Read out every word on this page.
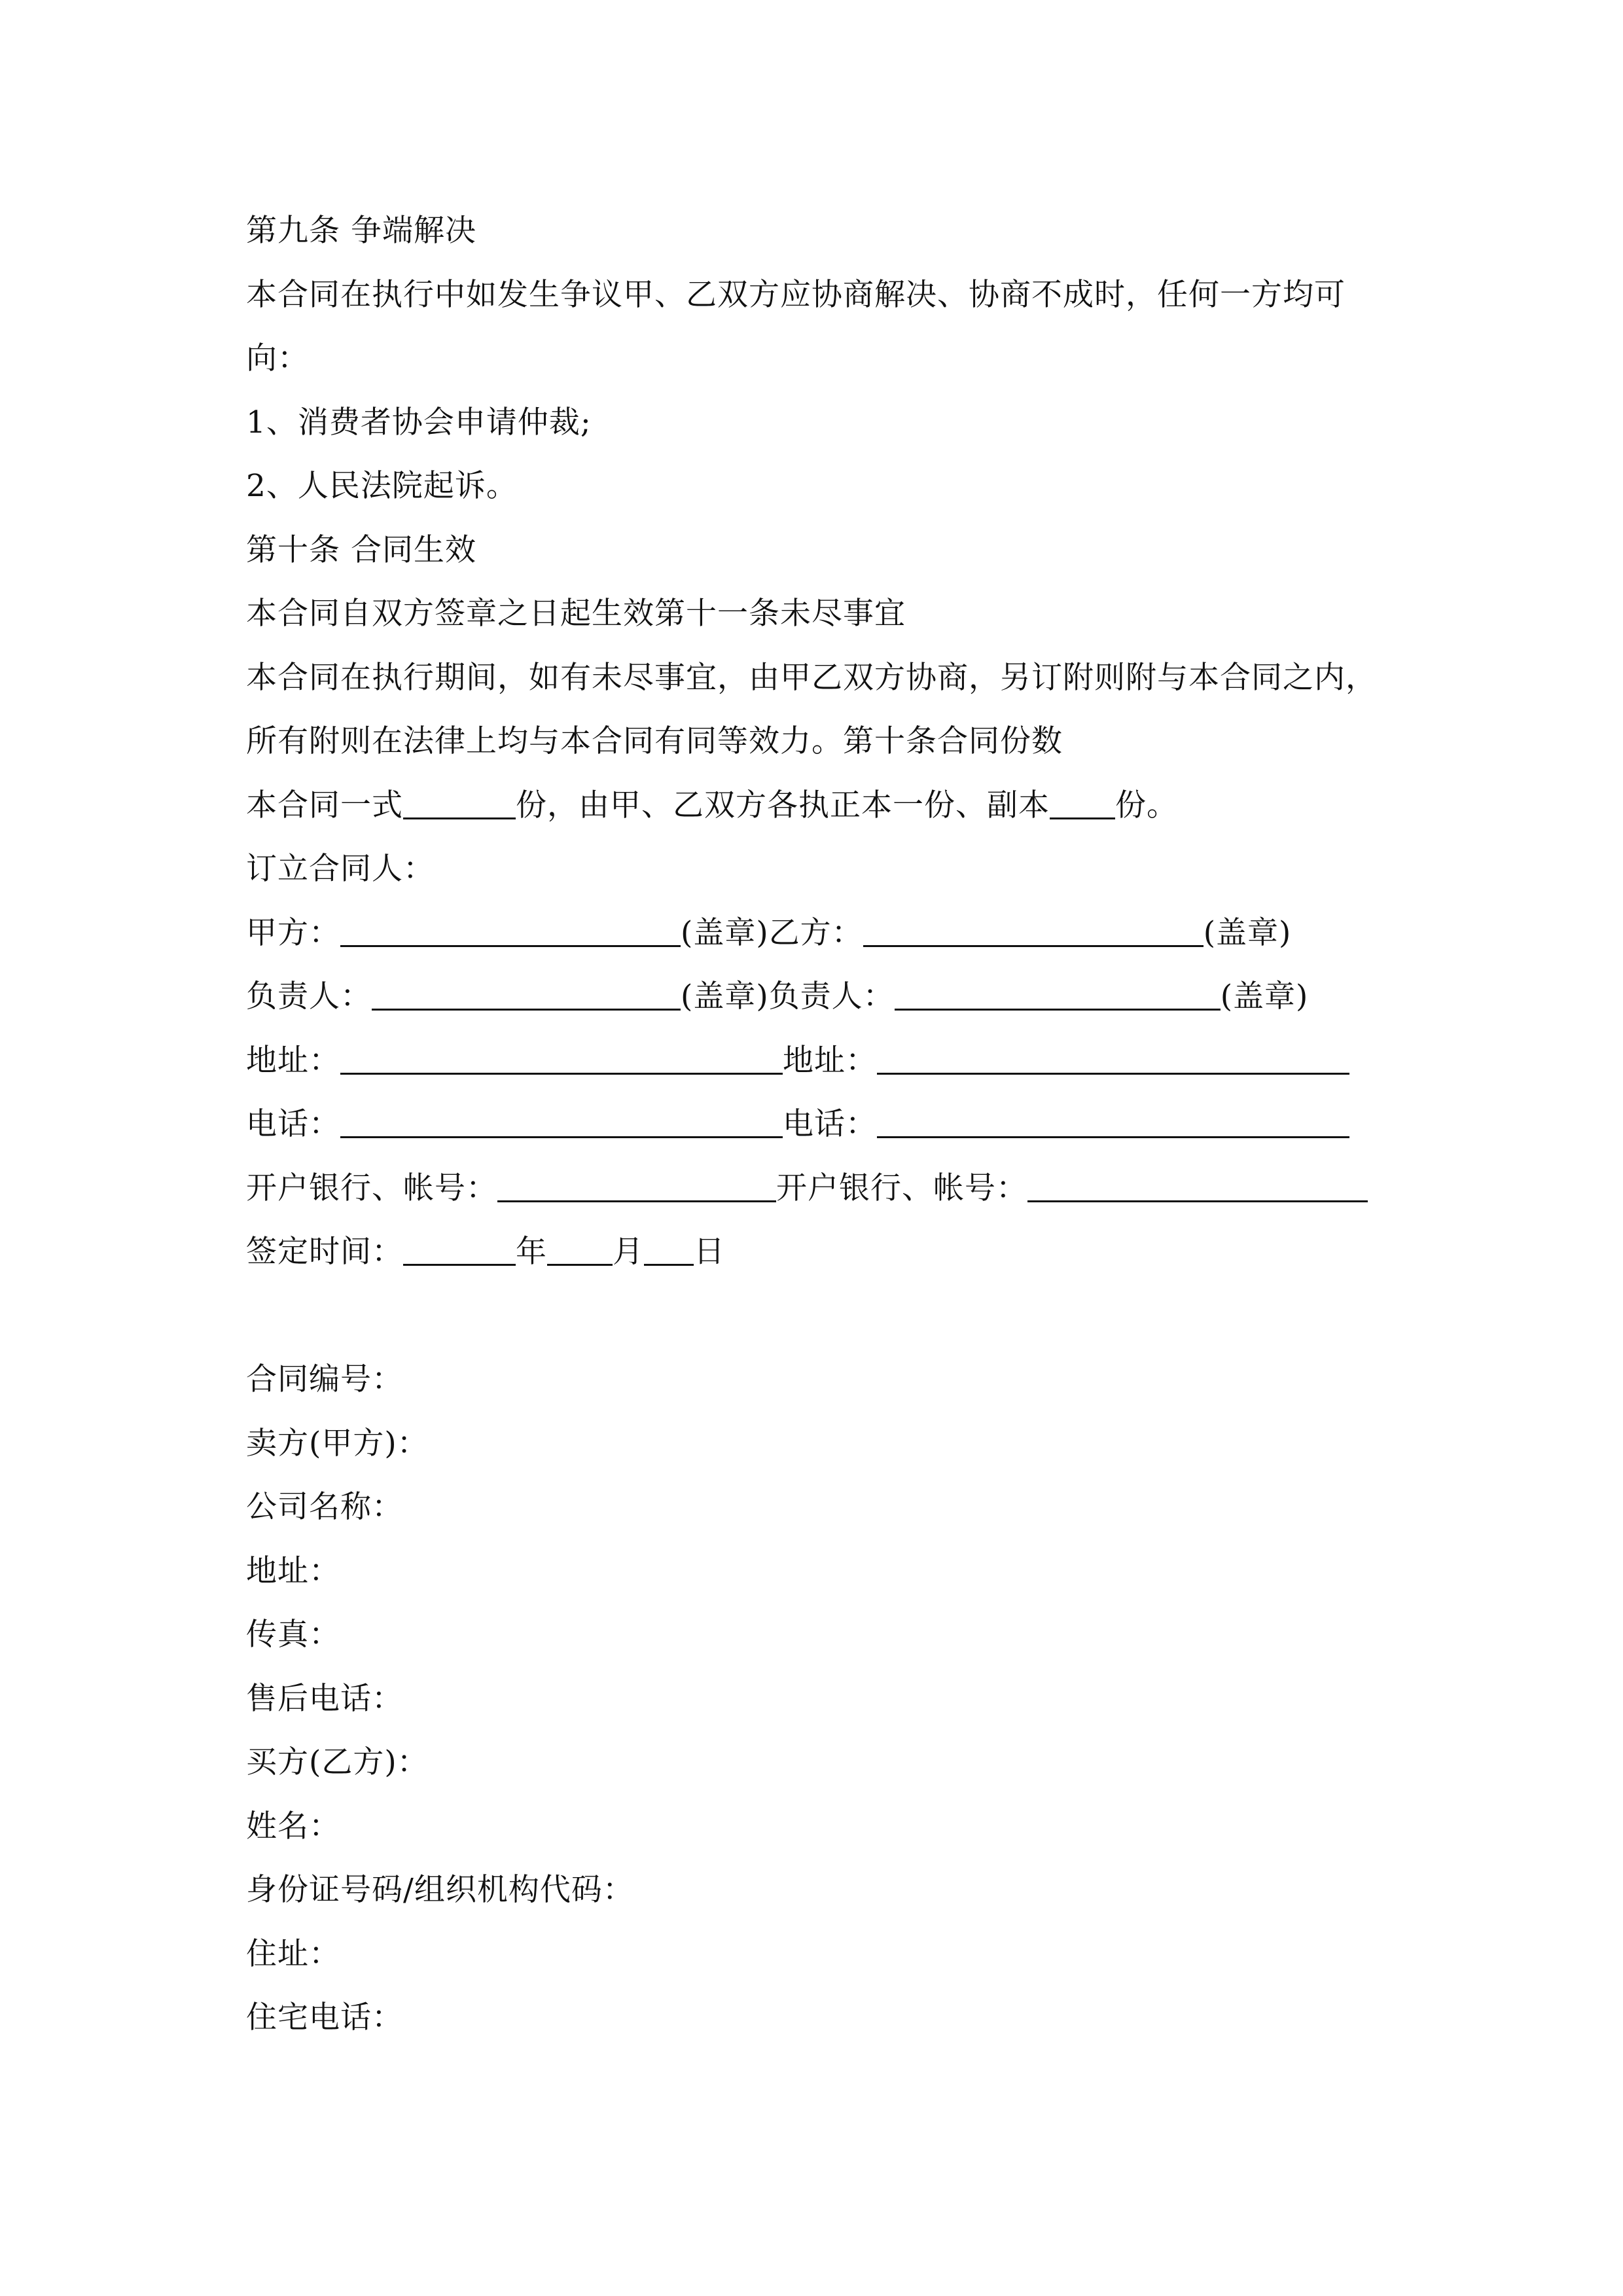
第九条 争端解决
本合同在执行中如发生争议甲、乙双方应协商解决、协商不成时，任何一方均可
向：
1、消费者协会申请仲裁;
2、人民法院起诉。
第十条 合同生效
本合同自双方签章之日起生效第十一条未尽事宜
本合同在执行期间，如有未尽事宜，由甲乙双方协商，另订附则附与本合同之内，
所有附则在法律上均与本合同有同等效力。第十条合同份数
本合同一式	份，由甲、乙双方各执正本一份、副本 份。
订立合同人：
甲方：	(盖章)乙方：	(盖章)
负责人：	(盖章)负责人：	(盖章)
地址：	地址：
电话：	电话：
开户银行、帐号：	开户银行、帐号：
签定时间：	年 月 日
合同编号：
卖方(甲方)：
公司名称：
地址：
传真：
售后电话：
买方(乙方)：
姓名：
身份证号码/组织机构代码：
住址：
住宅电话：
